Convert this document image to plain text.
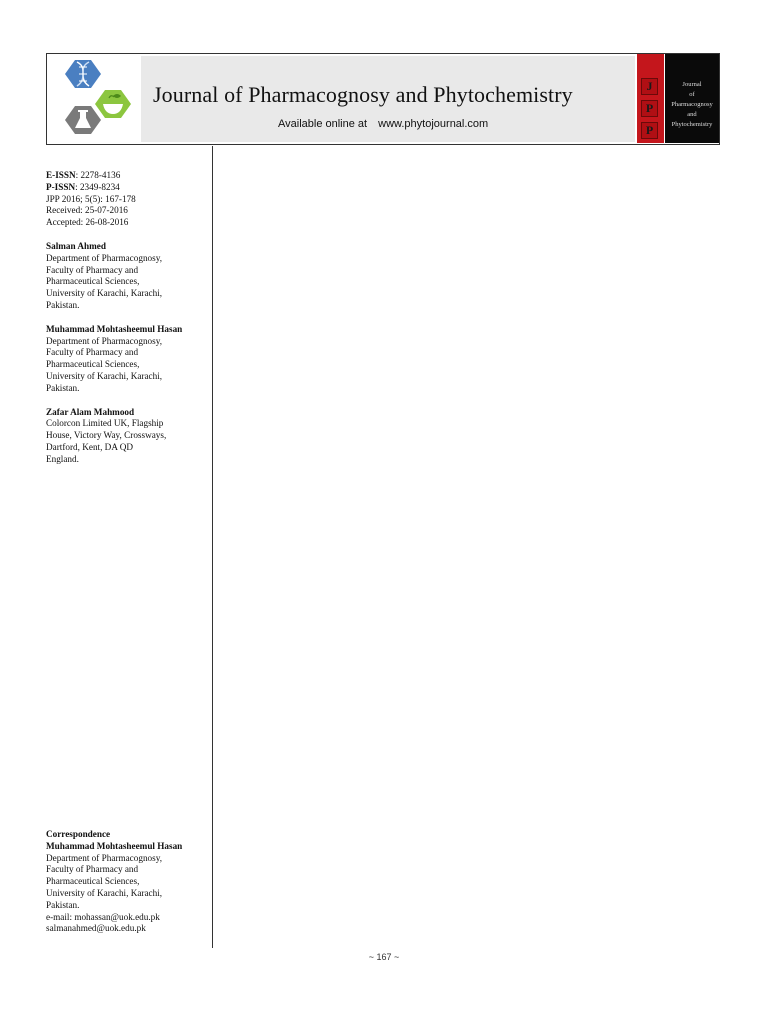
Journal of Pharmacognosy and Phytochemistry
Available online at www.phytojournal.com
J
P
P
Journal
of
Pharmacognosy
and
Phytochemistry
E-ISSN: 2278-4136
P-ISSN: 2349-8234
JPP 2016; 5(5): 167-178
Received: 25-07-2016
Accepted: 26-08-2016
Salman Ahmed
Department of Pharmacognosy,
Faculty of Pharmacy and
Pharmaceutical Sciences,
University of Karachi, Karachi,
Pakistan.
Muhammad Mohtasheemul Hasan
Department of Pharmacognosy,
Faculty of Pharmacy and
Pharmaceutical Sciences,
University of Karachi, Karachi,
Pakistan.
Zafar Alam Mahmood
Colorcon Limited UK, Flagship
House, Victory Way, Crossways,
Dartford, Kent, DA QD
England.
Correspondence
Muhammad Mohtasheemul Hasan
Department of Pharmacognosy,
Faculty of Pharmacy and
Pharmaceutical Sciences,
University of Karachi, Karachi,
Pakistan.
e-mail: mohassan@uok.edu.pk
salmanahmed@uok.edu.pk
~ 167 ~
